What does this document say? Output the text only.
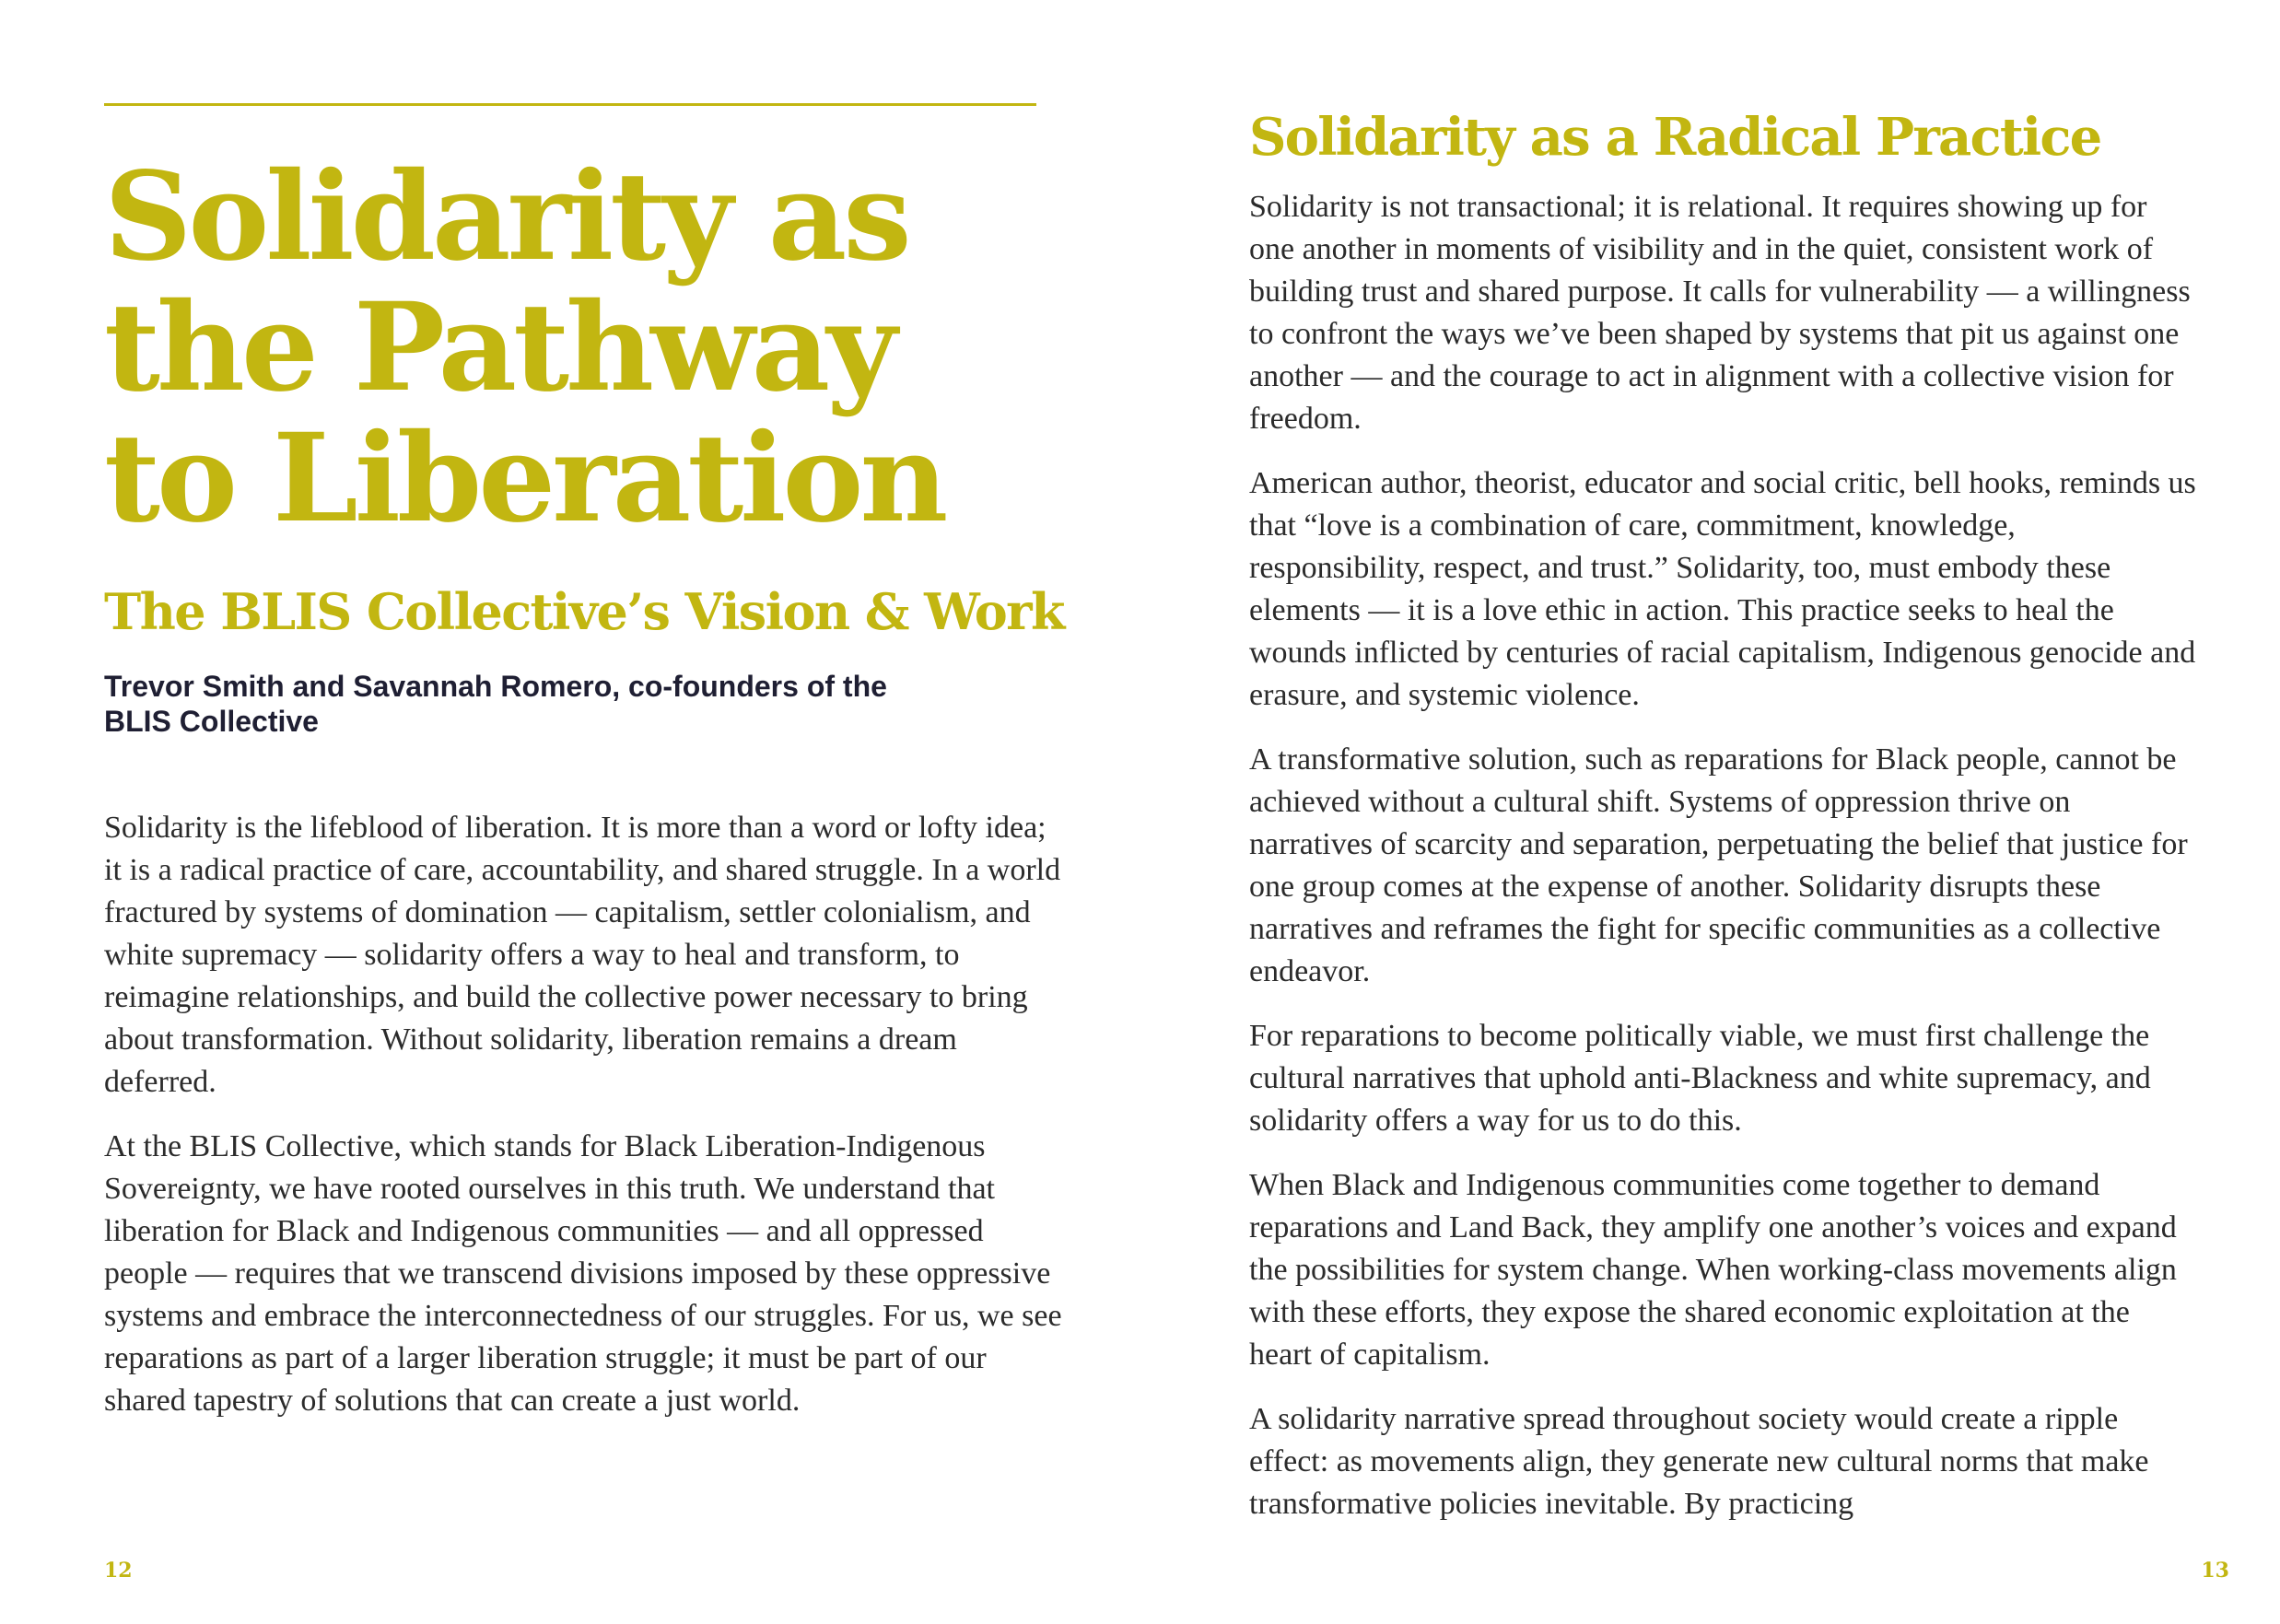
Solidarity as
the Pathway
to Liberation
The BLIS Collective’s Vision & Work

Trevor Smith and Savannah Romero, co-founders of the BLIS Collective

Solidarity is the lifeblood of liberation. It is more than a word or lofty idea; it is a radical practice of care, accountability, and shared struggle. In a world fractured by systems of domination — capitalism, settler colonialism, and white supremacy — solidarity offers a way to heal and transform, to reimagine relationships, and build the collective power necessary to bring about transformation. Without solidarity, liberation remains a dream deferred.

At the BLIS Collective, which stands for Black Liberation-Indigenous Sovereignty, we have rooted ourselves in this truth. We understand that liberation for Black and Indigenous communities — and all oppressed people — requires that we transcend divisions imposed by these oppressive systems and embrace the interconnectedness of our struggles. For us, we see reparations as part of a larger liberation struggle; it must be part of our shared tapestry of solutions that can create a just world.

12
Solidarity as a Radical Practice

Solidarity is not transactional; it is relational. It requires showing up for one another in moments of visibility and in the quiet, consistent work of building trust and shared purpose. It calls for vulnerability — a willingness to confront the ways we’ve been shaped by systems that pit us against one another — and the courage to act in alignment with a collective vision for freedom.

American author, theorist, educator and social critic, bell hooks, reminds us that “love is a combination of care, commitment, knowledge, responsibility, respect, and trust.” Solidarity, too, must embody these elements — it is a love ethic in action. This practice seeks to heal the wounds inflicted by centuries of racial capitalism, Indigenous genocide and erasure, and systemic violence.

A transformative solution, such as reparations for Black people, cannot be achieved without a cultural shift. Systems of oppression thrive on narratives of scarcity and separation, perpetuating the belief that justice for one group comes at the expense of another. Solidarity disrupts these narratives and reframes the fight for specific communities as a collective endeavor.

For reparations to become politically viable, we must first challenge the cultural narratives that uphold anti-Blackness and white supremacy, and solidarity offers a way for us to do this.

When Black and Indigenous communities come together to demand reparations and Land Back, they amplify one another’s voices and expand the possibilities for system change. When working-class movements align with these efforts, they expose the shared economic exploitation at the heart of capitalism.

A solidarity narrative spread throughout society would create a ripple effect: as movements align, they generate new cultural norms that make transformative policies inevitable. By practicing

13
